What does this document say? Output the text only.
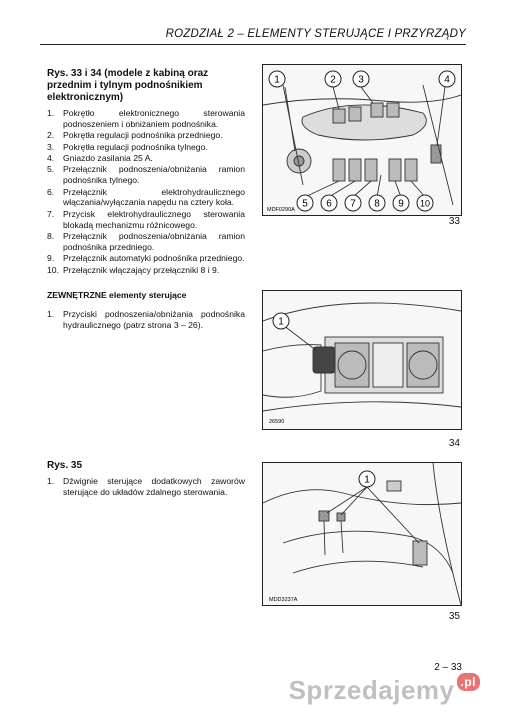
ROZDZIAŁ 2 – ELEMENTY STERUJĄCE I PRZYRZĄDY
Rys. 33 i 34 (modele z kabiną oraz przednim i tylnym podnośnikiem elektronicznym)
1.	Pokrętło elektronicznego sterowania podnoszeniem i obniżaniem podnośnika.
2.	Pokrętła regulacji podnośnika przedniego.
3.	Pokrętła regulacji podnośnika tylnego.
4.	Gniazdo zasilania 25 A.
5.	Przełącznik podnoszenia/obniżania ramion podnośnika tylnego.
6.	Przełącznik elektrohydraulicznego włączania/wyłączania napędu na cztery koła.
7.	Przycisk elektrohydraulicznego sterowania blokadą mechanizmu różnicowego.
8.	Przełącznik podnoszenia/obniżania ramion podnośnika przedniego.
9.	Przełącznik automatyki podnośnika przedniego.
10. Przełącznik włączający przełączniki 8 i 9.
ZEWNĘTRZNE elementy sterujące
1.	Przyciski podnoszenia/obniżania podnośnika hydraulicznego (patrz strona 3 – 26).
Rys. 35
1.	Dźwignie sterujące dodatkowych zaworów sterujące do układów zdalnego sterowania.
1	2 3	4
5 6 7 8 9 10
MDF0290A
33
1
26590
34
1
MDD3237A
35
2 – 33
Sprzedajemy $^{.pl}$
